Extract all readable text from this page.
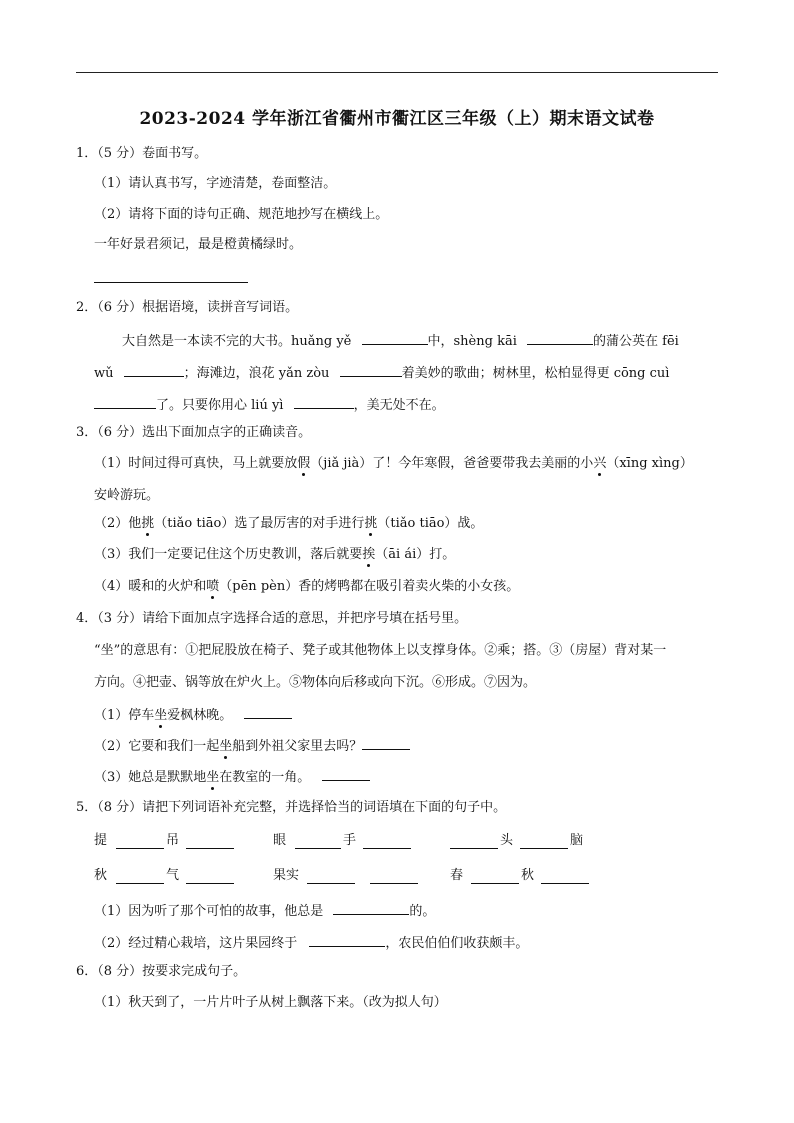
2023-2024 学年浙江省衢州市衢江区三年级（上）期末语文试卷
1．（5 分）卷面书写。
（1）请认真书写，字迹清楚，卷面整洁。
（2）请将下面的诗句正确、规范地抄写在横线上。
一年好景君须记，最是橙黄橘绿时。
2．（6 分）根据语境，读拼音写词语。
大自然是一本读不完的大书。huǎng yě	中，shèng kāi	的蒲公英在 fēi
wǔ	；海滩边，浪花 yǎn zòu	着美妙的歌曲；树林里，松柏显得更 cōng cuì
了。只要你用心 liú yì	，美无处不在。
3．（6 分）选出下面加点字的正确读音。
（1）时间过得可真快，马上就要放假（jiǎ jià）了！今年寒假，爸爸要带我去美丽的小兴（xīng xìng）
安岭游玩。
（2）他挑（tiǎo tiāo）选了最厉害的对手进行挑（tiǎo tiāo）战。
（3）我们一定要记住这个历史教训，落后就要挨（āi ái）打。
（4）暖和的火炉和喷（pēn pèn）香的烤鸭都在吸引着卖火柴的小女孩。
4．（3 分）请给下面加点字选择合适的意思，并把序号填在括号里。
“坐”的意思有：①把屁股放在椅子、凳子或其他物体上以支撑身体。②乘；搭。③（房屋）背对某一
方向。④把壶、锅等放在炉火上。⑤物体向后移或向下沉。⑥形成。⑦因为。
（1）停车坐爱枫林晚。
（2）它要和我们一起坐船到外祖父家里去吗？
（3）她总是默默地坐在教室的一角。
5．（8 分）请把下列词语补充完整，并选择恰当的词语填在下面的句子中。
提	吊	眼	手	头	脑
秋	气	果实	春	秋
（1）因为听了那个可怕的故事，他总是	的。
（2）经过精心栽培，这片果园终于	，农民伯伯们收获颇丰。
6．（8 分）按要求完成句子。
（1）秋天到了，一片片叶子从树上飘落下来。（改为拟人句）
